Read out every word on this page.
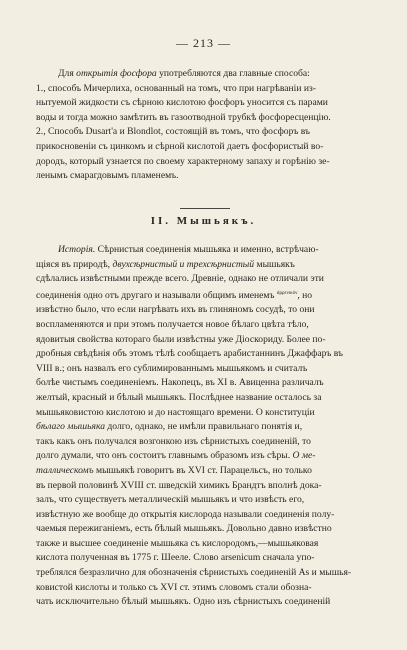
— 213 —

Для открытія фосфора употребляются два главные способа:

1., способъ Мичерлиха, основанный на томъ, что при нагрѣваніи из-

нытуемой жидкости съ сѣрною кислотою фосфоръ уносится съ парами

воды и тогда можно замѣтить въ газоотводной трубкѣ фосфоресценцію.

2., Способъ Dusart'a и Blondlot, состоящій въ томъ, что фосфоръ въ

прикосновеніи съ цинкомъ и сѣрной кислотой даетъ фосфористый во-

дородъ, который узнается по своему характерному запаху и горѣнію зе-

ленымъ смарагдовымъ пламенемъ.

II. Мышьякъ.

Исторія. Сѣрнистыя соединенія мышьяка и именно, встрѣчаю-

щіяся въ природѣ, двухсѣрнистый и трехсѣрнистый мышьякъ

сдѣлались извѣстными прежде всего. Древніе, однако не отличали эти

соединенія одно отъ другаго и называли общимъ именемъ $^{ἀ\rho\rho\varepsilon\nu\iota\kappa ό\nu}$, но

извѣстно было, что если нагрѣвать ихъ въ глиняномъ сосудѣ, то они

воспламеняются и при этомъ получается новое бѣлаго цвѣта тѣло,

ядовитыя свойства котораго были извѣстны уже Діоскориду. Более по-

дробныя свѣдѣнія объ этомъ тѣлѣ сообщаетъ арабистаннинъ Джаффаръ въ

VIII в.; онъ назвалъ его сублимированнымъ мышьякомъ и считалъ

болѣе чистымъ соединеніемъ. Накопецъ, въ XI в. Авиценна различалъ

желтый, красный и бѣлый мышьякъ. Послѣднее название осталось за

мышьяковистою кислотою и до настоящаго времени. О конституціи

бѣлаго мышьяка долго, однако, не имѣли правильнаго понятія и,

такъ какъ онъ получался возгонкою изъ сѣрнистыхъ соединеній, то

долго думали, что онъ состоитъ главнымъ образомъ изъ сѣры. О ме-

таллическомъ мышьякѣ говоритъ въ XVI ст. Парацельсъ, но только

въ первой половинѣ XVIII ст. шведскій химикъ Брандтъ вполнѣ дока-

залъ, что существуетъ металлическій мышьякъ и что извѣсть его,

извѣстную же вообще до открытія кислорода называли соединенія полу-

чаемыя пережиганіемъ, есть бѣлый мышьякъ. Довольно давно извѣстно

также и высшее соединеніе мышьяка съ кислородомъ,—мышьяковая

кислота полученная въ 1775 г. Шееле. Слово arsenicum сначала упо-

треблялся безразлично для обозначенія сѣрнистыхъ соединеній As и мышья-

ковистой кислоты и только съ XVI ст. этимъ словомъ стали обозна-

чать исключительно бѣлый мышьякъ. Одно изъ сѣрнистыхъ соединеній
